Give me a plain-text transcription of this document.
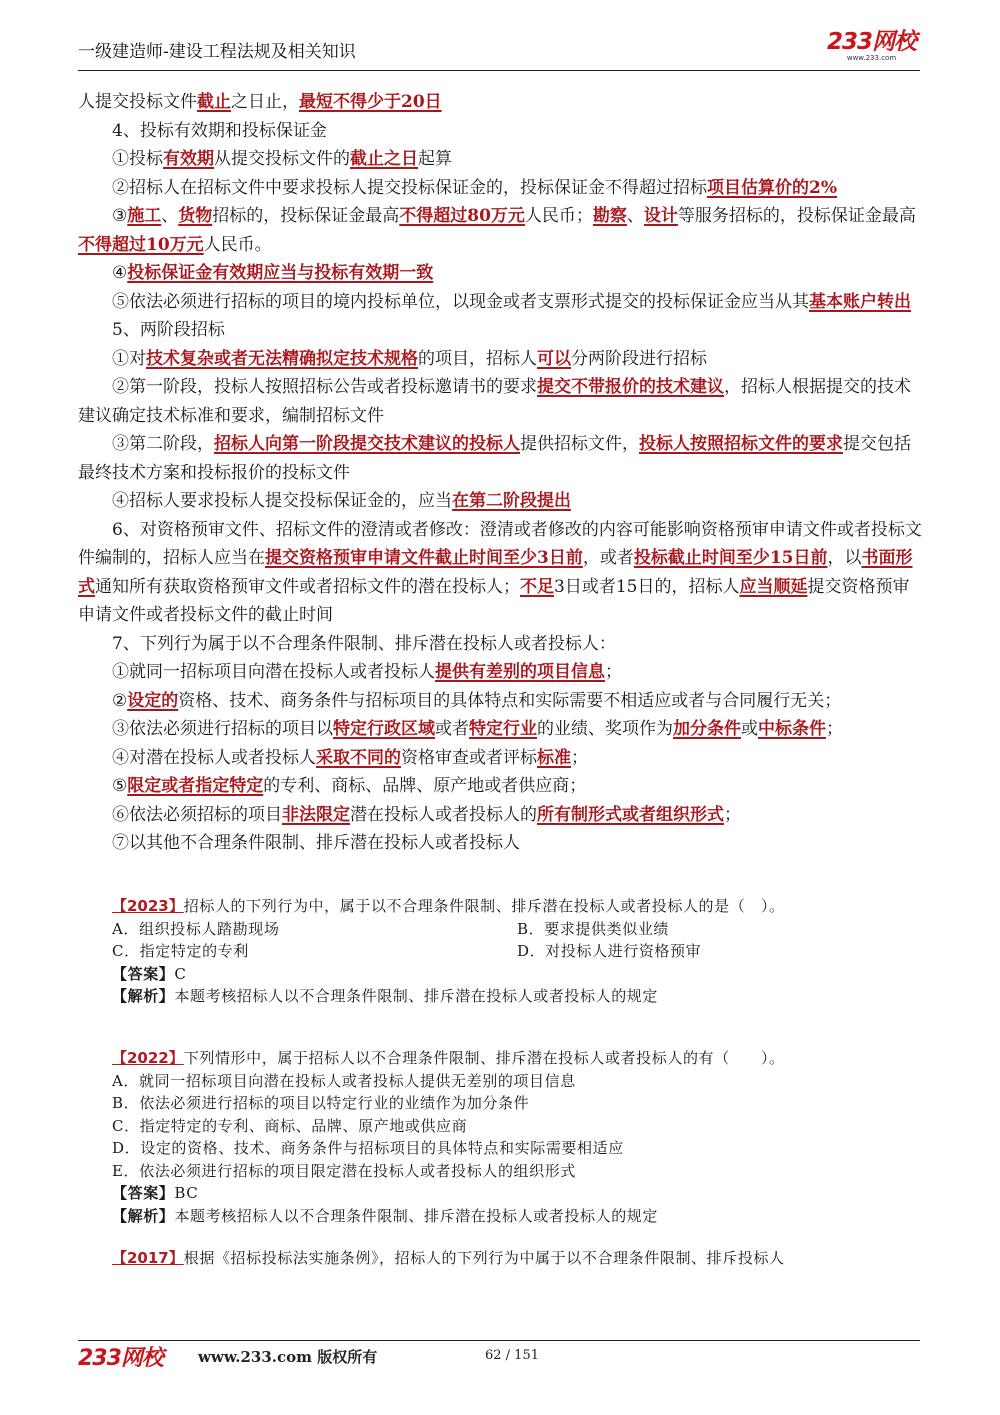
一级建造师-建设工程法规及相关知识	233网校
www.233.com

人提交投标文件截止之日止，最短不得少于20日

4、投标有效期和投标保证金

①投标有效期从提交投标文件的截止之日起算

②招标人在招标文件中要求投标人提交投标保证金的，投标保证金不得超过招标项目估算价的2%

③施工、货物招标的，投标保证金最高不得超过80万元人民币；勘察、设计等服务招标的，投标保证金最高不得超过10万元人民币。

④投标保证金有效期应当与投标有效期一致

⑤依法必须进行招标的项目的境内投标单位，以现金或者支票形式提交的投标保证金应当从其基本账户转出

5、两阶段招标

①对技术复杂或者无法精确拟定技术规格的项目，招标人可以分两阶段进行招标

②第一阶段，投标人按照招标公告或者投标邀请书的要求提交不带报价的技术建议，招标人根据提交的技术建议确定技术标准和要求，编制招标文件

③第二阶段，招标人向第一阶段提交技术建议的投标人提供招标文件，投标人按照招标文件的要求提交包括最终技术方案和投标报价的投标文件

④招标人要求投标人提交投标保证金的，应当在第二阶段提出

6、对资格预审文件、招标文件的澄清或者修改：澄清或者修改的内容可能影响资格预审申请文件或者投标文件编制的，招标人应当在提交资格预审申请文件截止时间至少3日前，或者投标截止时间至少15日前，以书面形式通知所有获取资格预审文件或者招标文件的潜在投标人；不足3日或者15日的，招标人应当顺延提交资格预审申请文件或者投标文件的截止时间

7、下列行为属于以不合理条件限制、排斥潜在投标人或者投标人：

①就同一招标项目向潜在投标人或者投标人提供有差别的项目信息；

②设定的资格、技术、商务条件与招标项目的具体特点和实际需要不相适应或者与合同履行无关；

③依法必须进行招标的项目以特定行政区域或者特定行业的业绩、奖项作为加分条件或中标条件；

④对潜在投标人或者投标人采取不同的资格审查或者评标标准；

⑤限定或者指定特定的专利、商标、品牌、原产地或者供应商；

⑥依法必须招标的项目非法限定潜在投标人或者投标人的所有制形式或者组织形式；

⑦以其他不合理条件限制、排斥潜在投标人或者投标人

【2023】招标人的下列行为中，属于以不合理条件限制、排斥潜在投标人或者投标人的是（　）。

A．组织投标人踏勘现场	B．要求提供类似业绩
C．指定特定的专利	D．对投标人进行资格预审

【答案】C

【解析】本题考核招标人以不合理条件限制、排斥潜在投标人或者投标人的规定

【2022】下列情形中，属于招标人以不合理条件限制、排斥潜在投标人或者投标人的有（　　）。

A．就同一招标项目向潜在投标人或者投标人提供无差别的项目信息

B．依法必须进行招标的项目以特定行业的业绩作为加分条件

C．指定特定的专利、商标、品牌、原产地或供应商

D．设定的资格、技术、商务条件与招标项目的具体特点和实际需要相适应

E．依法必须进行招标的项目限定潜在投标人或者投标人的组织形式

【答案】BC

【解析】本题考核招标人以不合理条件限制、排斥潜在投标人或者投标人的规定

【2017】根据《招标投标法实施条例》，招标人的下列行为中属于以不合理条件限制、排斥投标人

233网校 www.233.com 版权所有	62 / 151
